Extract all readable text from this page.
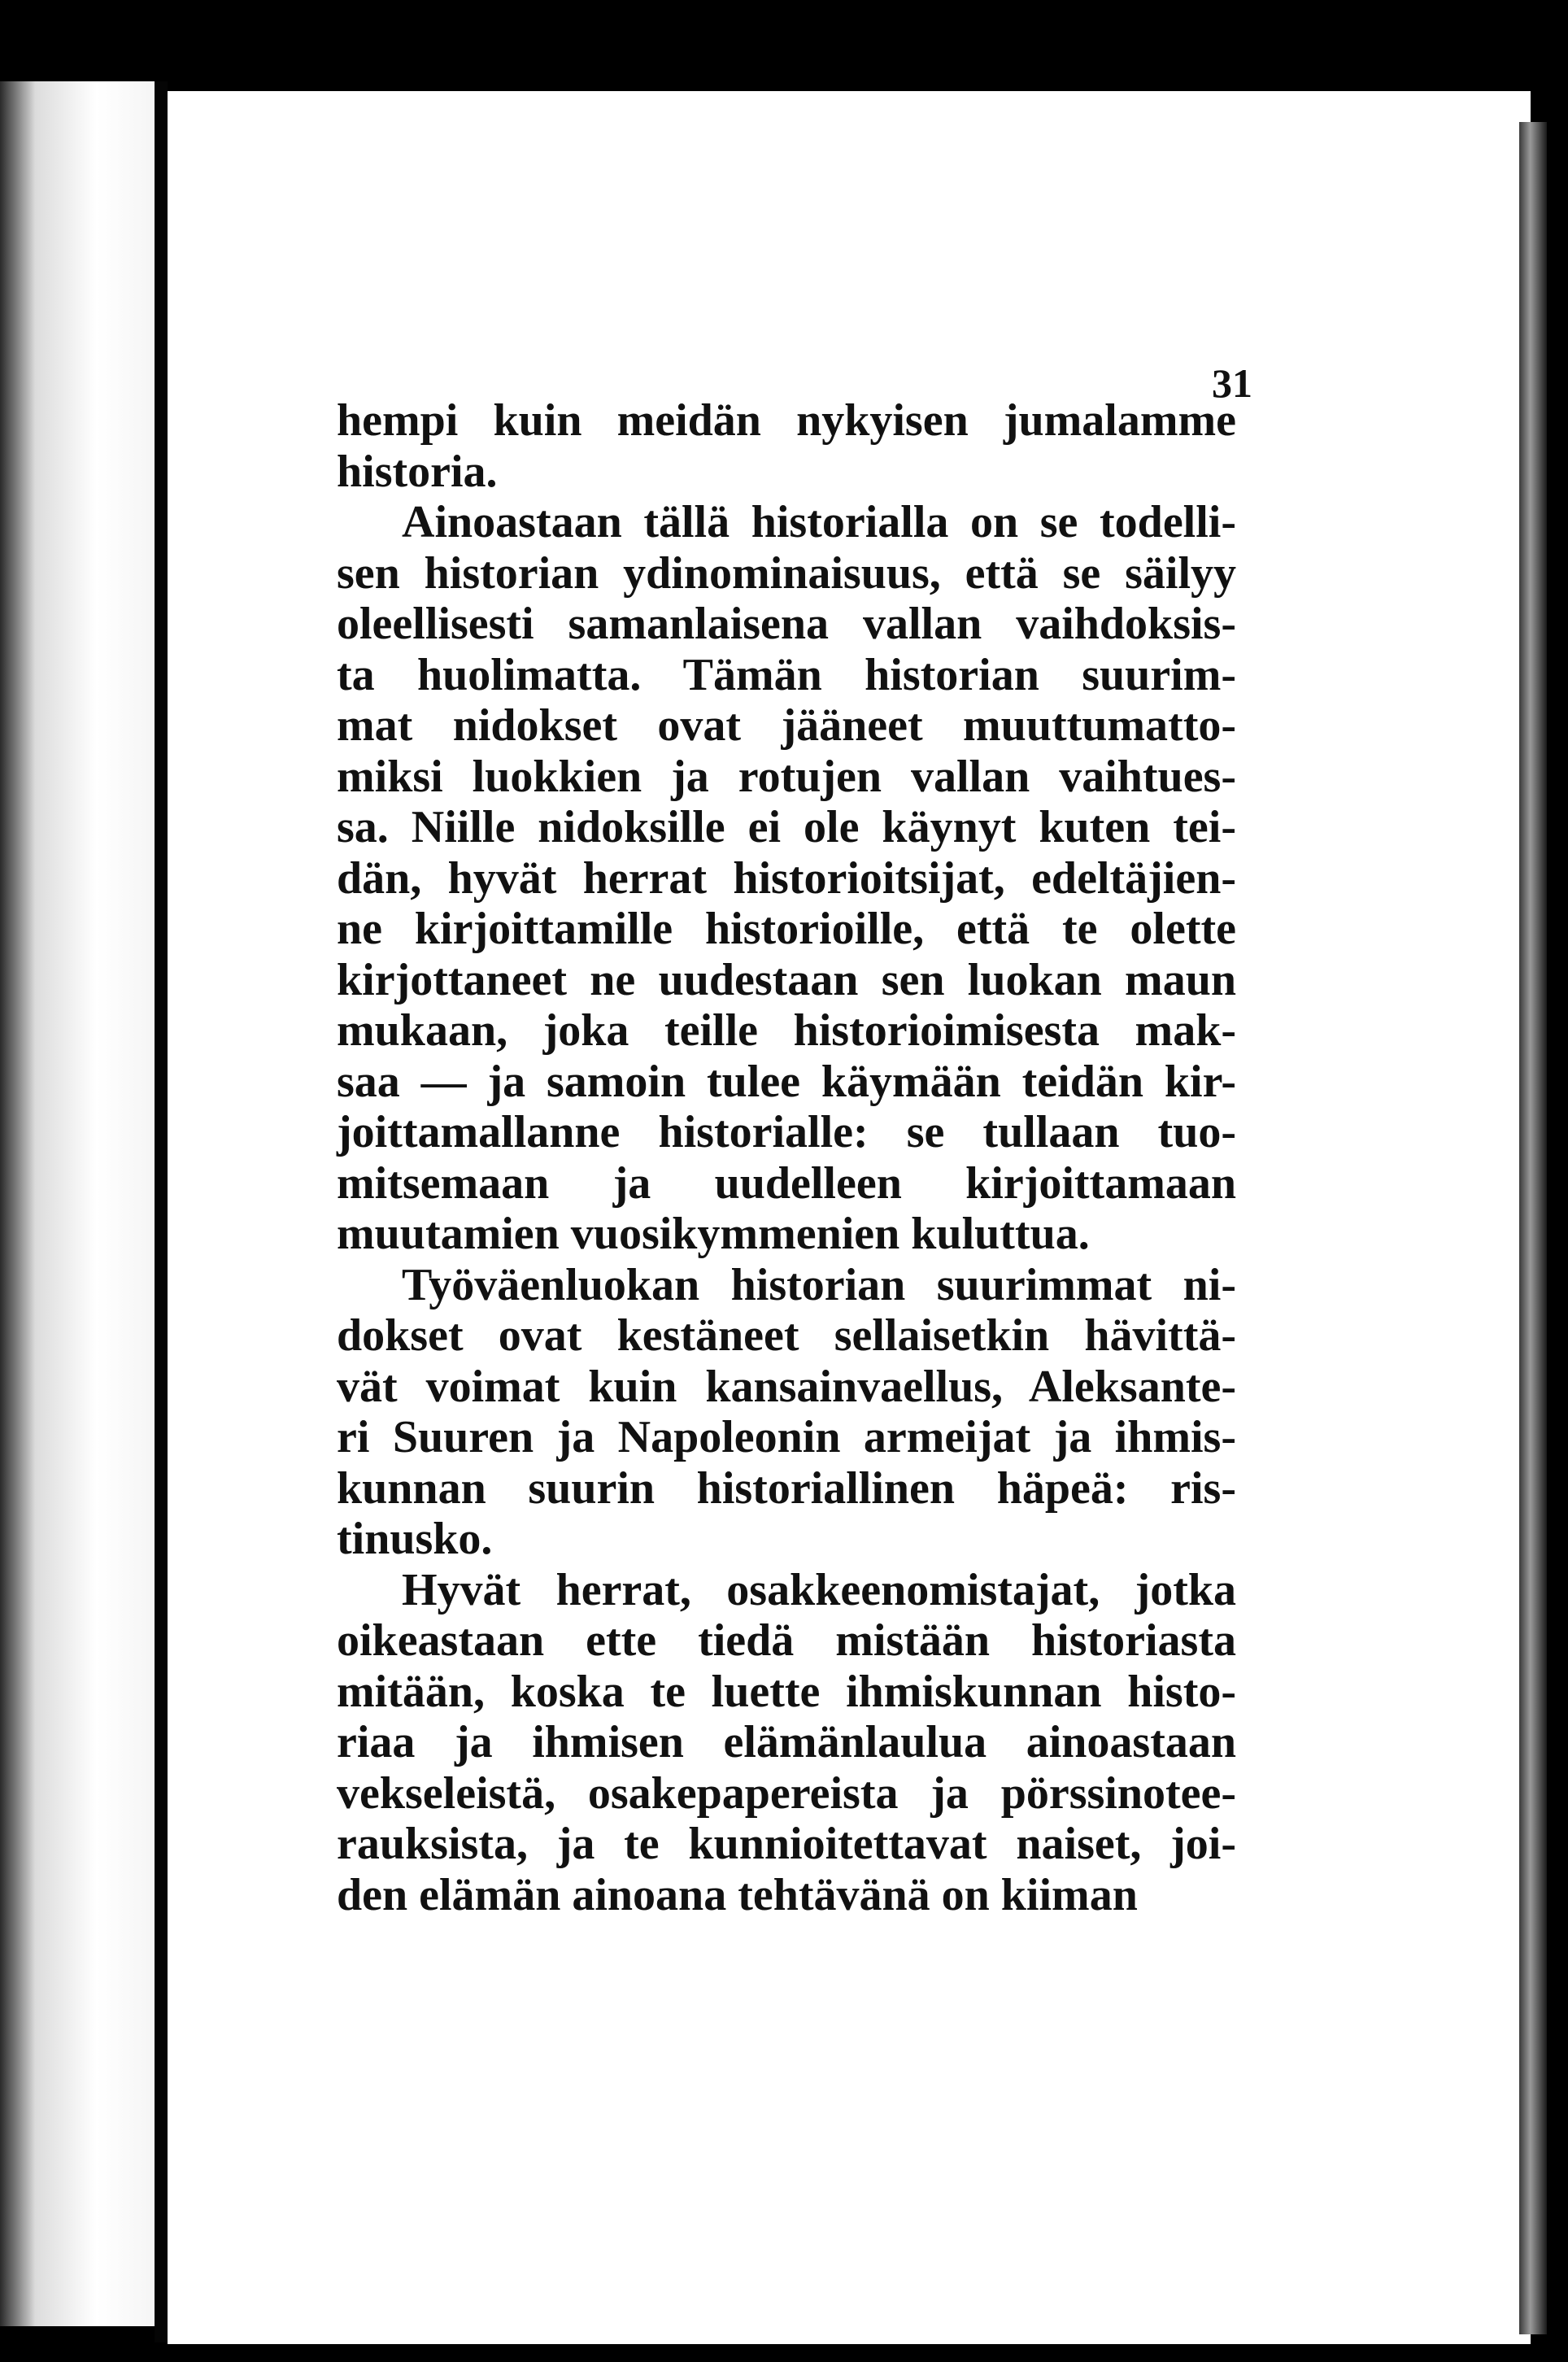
31
hempi kuin meidän nykyisen jumalamme
historia.
Ainoastaan tällä historialla on se todelli-
sen historian ydinominaisuus, että se säilyy
oleellisesti samanlaisena vallan vaihdoksis-
ta huolimatta. Tämän historian suurim-
mat nidokset ovat jääneet muuttumatto-
miksi luokkien ja rotujen vallan vaihtues-
sa. Niille nidoksille ei ole käynyt kuten tei-
dän, hyvät herrat historioitsijat, edeltäjien-
ne kirjoittamille historioille, että te olette
kirjottaneet ne uudestaan sen luokan maun
mukaan, joka teille historioimisesta mak-
saa — ja samoin tulee käymään teidän kir-
joittamallanne historialle: se tullaan tuo-
mitsemaan ja uudelleen kirjoittamaan
muutamien vuosikymmenien kuluttua.
Työväenluokan historian suurimmat ni-
dokset ovat kestäneet sellaisetkin hävittä-
vät voimat kuin kansainvaellus, Aleksante-
ri Suuren ja Napoleonin armeijat ja ihmis-
kunnan suurin historiallinen häpeä: ris-
tinusko.
Hyvät herrat, osakkeenomistajat, jotka
oikeastaan ette tiedä mistään historiasta
mitään, koska te luette ihmiskunnan histo-
riaa ja ihmisen elämänlaulua ainoastaan
vekseleistä, osakepapereista ja pörssinotee-
rauksista, ja te kunnioitettavat naiset, joi-
den elämän ainoana tehtävänä on kiiman
